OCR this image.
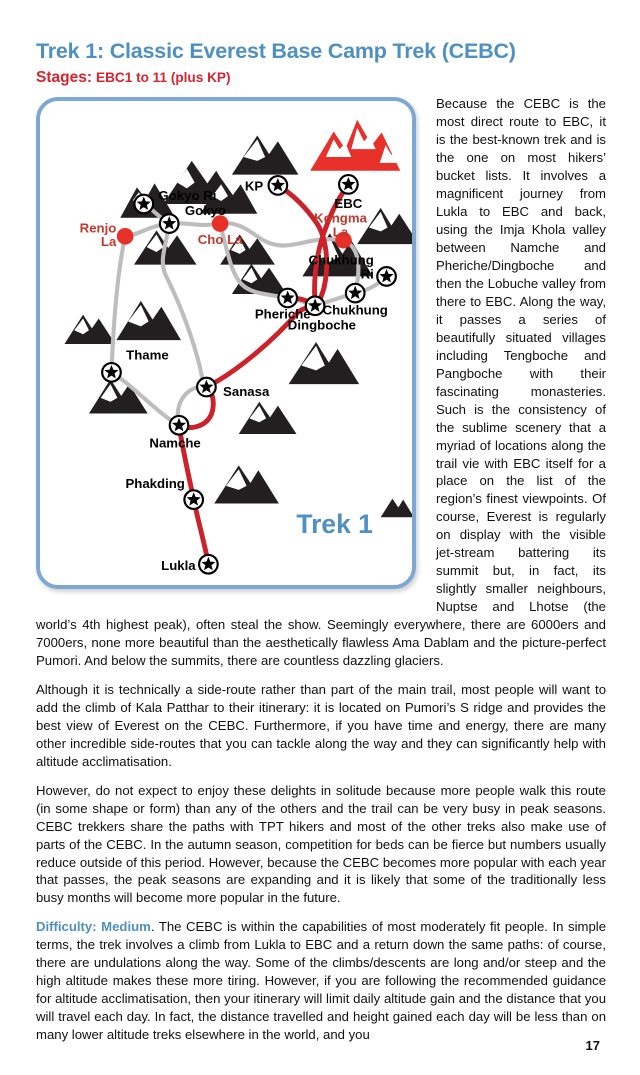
Trek 1: Classic Everest Base Camp Trek (CEBC)
Stages: EBC1 to 11 (plus KP)
Gokyo Ri
Gokyo
Renjo La	Cho La
KP
EBC
Kongma La
Chukhung Ri
Chukhung
Pheriche
Dingboche
Thame
Sanasa
Namche
Phakding
Lukla
Trek 1

Because the CEBC is the most direct route to EBC, it is the best-known trek and is the one on most hikers’ bucket lists. It involves a magnificent journey from Lukla to EBC and back, using the Imja Khola valley between Namche and Pheriche/Dingboche and then the Lobuche valley from there to EBC. Along the way, it passes a series of beautifully situated villages including Tengboche and Pangboche with their fascinating monasteries. Such is the consistency of the sublime scenery that a myriad of locations along the trail vie with EBC itself for a place on the list of the region’s finest viewpoints. Of course, Everest is regularly on display with the visible jet-stream battering its summit but, in fact, its slightly smaller neighbours, Nuptse and Lhotse (the world’s 4th highest peak), often steal the show. Seemingly everywhere, there are 6000ers and 7000ers, none more beautiful than the aesthetically flawless Ama Dablam and the picture-perfect Pumori. And below the summits, there are countless dazzling glaciers.

Although it is technically a side-route rather than part of the main trail, most people will want to add the climb of Kala Patthar to their itinerary: it is located on Pumori’s S ridge and provides the best view of Everest on the CEBC. Furthermore, if you have time and energy, there are many other incredible side-routes that you can tackle along the way and they can significantly help with altitude acclimatisation.

However, do not expect to enjoy these delights in solitude because more people walk this route (in some shape or form) than any of the others and the trail can be very busy in peak seasons. CEBC trekkers share the paths with TPT hikers and most of the other treks also make use of parts of the CEBC. In the autumn season, competition for beds can be fierce but numbers usually reduce outside of this period. However, because the CEBC becomes more popular with each year that passes, the peak seasons are expanding and it is likely that some of the traditionally less busy months will become more popular in the future.

Difficulty: Medium. The CEBC is within the capabilities of most moderately fit people. In simple terms, the trek involves a climb from Lukla to EBC and a return down the same paths: of course, there are undulations along the way. Some of the climbs/descents are long and/or steep and the high altitude makes these more tiring. However, if you are following the recommended guidance for altitude acclimatisation, then your itinerary will limit daily altitude gain and the distance that you will travel each day. In fact, the distance travelled and height gained each day will be less than on many lower altitude treks elsewhere in the world, and you

17
